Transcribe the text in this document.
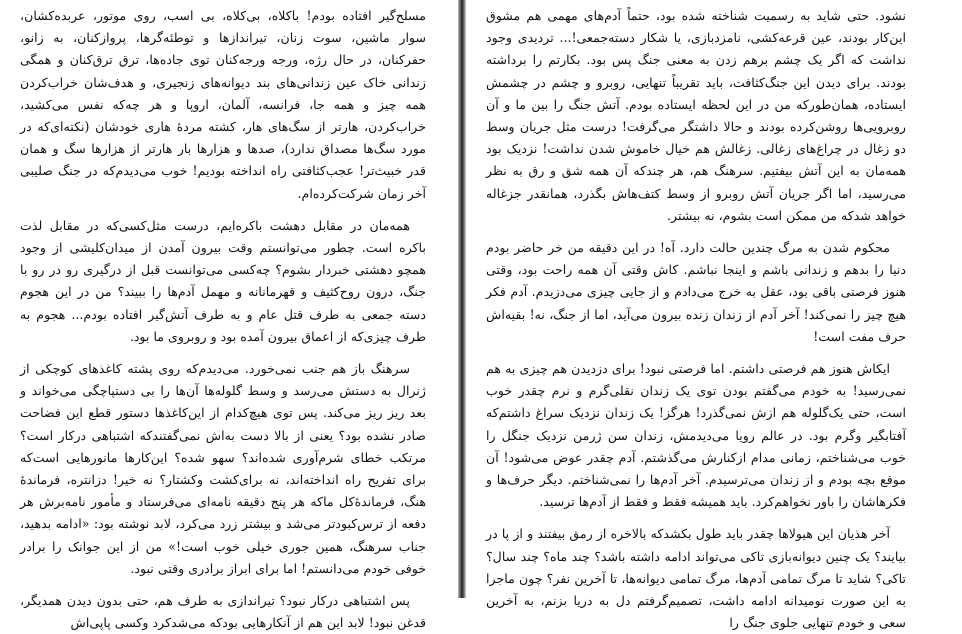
مسلح‌گیر افتاده بودم! باکلاه، بی‌کلاه، بی اسب، روی موتور، عربده‌کشان، سوار ماشین، سوت زنان، تیراندازها و توطئه‌گرها، پروازکنان، به زانو، حفرکنان، در حال رژه، ورجه ورجه‌کنان توی جاده‌ها، ترق ترق‌کنان و همگی زندانی خاک عین زندانی‌های بند دیوانه‌های زنجیری، و هدف‌شان خراب‌کردن همه چیز و همه جا، فرانسه، آلمان، اروپا و هر چه‌که نفس می‌کشید، خراب‌کردن، هارتر از سگ‌های هار، کشته مردهٔ هاری خودشان (نکته‌ای‌که در مورد سگ‌ها مصداق ندارد)، صدها و هزارها بار هارتر از هزارها سگ و همان قدر خبیث‌تر! عجب‌کثافتی راه انداخته بودیم! خوب می‌دیدم‌که در جنگ صلیبی آخر زمان شرکت‌کرده‌ام.

همه‌مان در مقابل دهشت باکره‌ایم، درست مثل‌کسی‌که در مقابل لذت باکره است. چطور می‌توانستم وقت بیرون آمدن از میدان‌کلیشی از وجود همچو دهشتی خبردار بشوم؟ چه‌کسی می‌توانست قبل از درگیری رو در رو با جنگ، درون روح‌کثیف و قهرمانانه و مهمل آدم‌ها را ببیند؟ من در این هجوم دسته جمعی به طرف قتل عام و به طرف آتش‌گیر افتاده بودم... هجوم به طرف چیزی‌که از اعماق بیرون آمده بود و روبروی ما بود.

سرهنگ باز هم جنب نمی‌خورد. می‌دیدم‌که روی پشته کاغذهای کوچکی از ژنرال به دستش می‌رسد و وسط گلوله‌ها آن‌ها را بی دستپاچگی می‌خواند و بعد ریز ریز می‌کند. پس توی هیچ‌کدام از این‌کاغذها دستور قطع این فضاحت صادر نشده بود؟ یعنی از بالا دست به‌اش نمی‌گفتند‌که اشتباهی درکار است؟ مرتکب خطای شرم‌آوری شده‌اند؟ سهو شده؟ این‌کارها مانورهایی است‌که برای تفریح راه انداخته‌اند، نه برای‌کشت وکشتار؟ نه خیر! دزانتره، فرمانده‌ٔ هنگ، فرمانده‌ٔکل ماکه هر پنج دقیقه نامه‌ای می‌فرستاد و مأمور نامه‌برش هر دفعه از ترس‌کبودتر می‌شد و بیشتر زرد می‌کرد، لابد نوشته بود: «ادامه بدهید، جناب سرهنگ، همین جوری خیلی خوب است!» من از این جوانک را برادر خوفی خودم می‌دانستم! اما برای ابراز برادری وقتی نبود.

پس اشتباهی درکار نبود؟ تیراندازی به طرف هم، حتی بدون دیدن همدیگر، قدغن نبود! لابد این هم از آنکارهایی بودکه می‌شدکرد وکسی پاپی‌اش

نشود. حتی شاید به رسمیت شناخته شده بود، حتماً آدم‌های مهمی هم مشوق این‌کار بودند، عین قرعه‌کشی، نامزدبازی، یا شکار دسته‌جمعی!... تردیدی وجود نداشت که اگر یک چشم برهم زدن به معنی جنگ پس بود. بکارتم را برداشته بودند. برای دیدن این جنگ‌کثافت، باید تقریباً تنهایی، روبرو و چشم در چشمش ایستاده، همان‌طورکه من در این لحظه ایستاده بودم. آتش جنگ را بین ما و آن روبرویی‌ها روشن‌کرده بودند و حالا داشتگر می‌گرفت! درست مثل جریان وسط دو زغال در چراغ‌های زغالی. زغالش هم خیال خاموش شدن نداشت! نزدیک بود همه‌مان به این آتش بیفتیم. سرهنگ هم، هر چندکه آن همه شق و رق به نظر می‌رسید، اما اگر جریان آتش روبرو از وسط کتف‌هاش بگذرد، همانقدر جزغاله خواهد شدکه من ممکن است بشوم، نه بیشتر.

محکوم شدن به مرگ چندین حالت دارد. آه! در این دقیقه من خر حاضر بودم دنیا را بدهم و زندانی باشم و اینجا نباشم. کاش وقتی آن همه راحت بود، وقتی هنوز فرصتی باقی بود، عقل به خرج می‌دادم و از جایی چیزی می‌دزیدم. آدم فکر هیچ چیز را نمی‌کند! آخر آدم از زندان زنده بیرون می‌آید، اما از جنگ، نه! بقیه‌اش حرف مفت است!

ایکاش هنوز هم فرصتی داشتم. اما فرصتی نبود! برای دزدیدن هم چیزی به هم نمی‌رسید! به خودم می‌گفتم بودن توی یک زندان نقلی‌گرم و نرم چقدر خوب است، حتی یک‌گلوله هم ازش نمی‌گذرد! هرگز! یک زندان نزدیک سراغ داشتم‌که آفتابگیر وگرم بود. در عالم رویا می‌دیدمش، زندان سن ژرمن نزدیک جنگل را خوب می‌شناختم، زمانی مدام ازکنارش می‌گذشتم. آدم چقدر عوض می‌شود! آن موقع بچه بودم و از زندان می‌ترسیدم. آخر آدم‌ها را نمی‌شناختم. دیگر حرف‌ها و فکرهاشان را باور نخواهم‌کرد. باید همیشه فقط و فقط از آدم‌ها ترسید.

آخر هذیان این هیولاها چقدر باید طول بکشدکه بالاخره از رمق بیفتند و از پا در بیایند؟ یک چنین دیوانه‌بازی تاکی می‌تواند ادامه داشته باشد؟ چند ماه؟ چند سال؟ تاکی؟ شاید تا مرگ تمامی آدم‌ها، مرگ تمامی دیوانه‌ها، تا آخرین نفر؟ چون ماجرا به این صورت نومیدانه ادامه داشت، تصمیم‌گرفتم دل به دریا بزنم، به آخرین سعی و خودم تنهایی جلوی جنگ را
